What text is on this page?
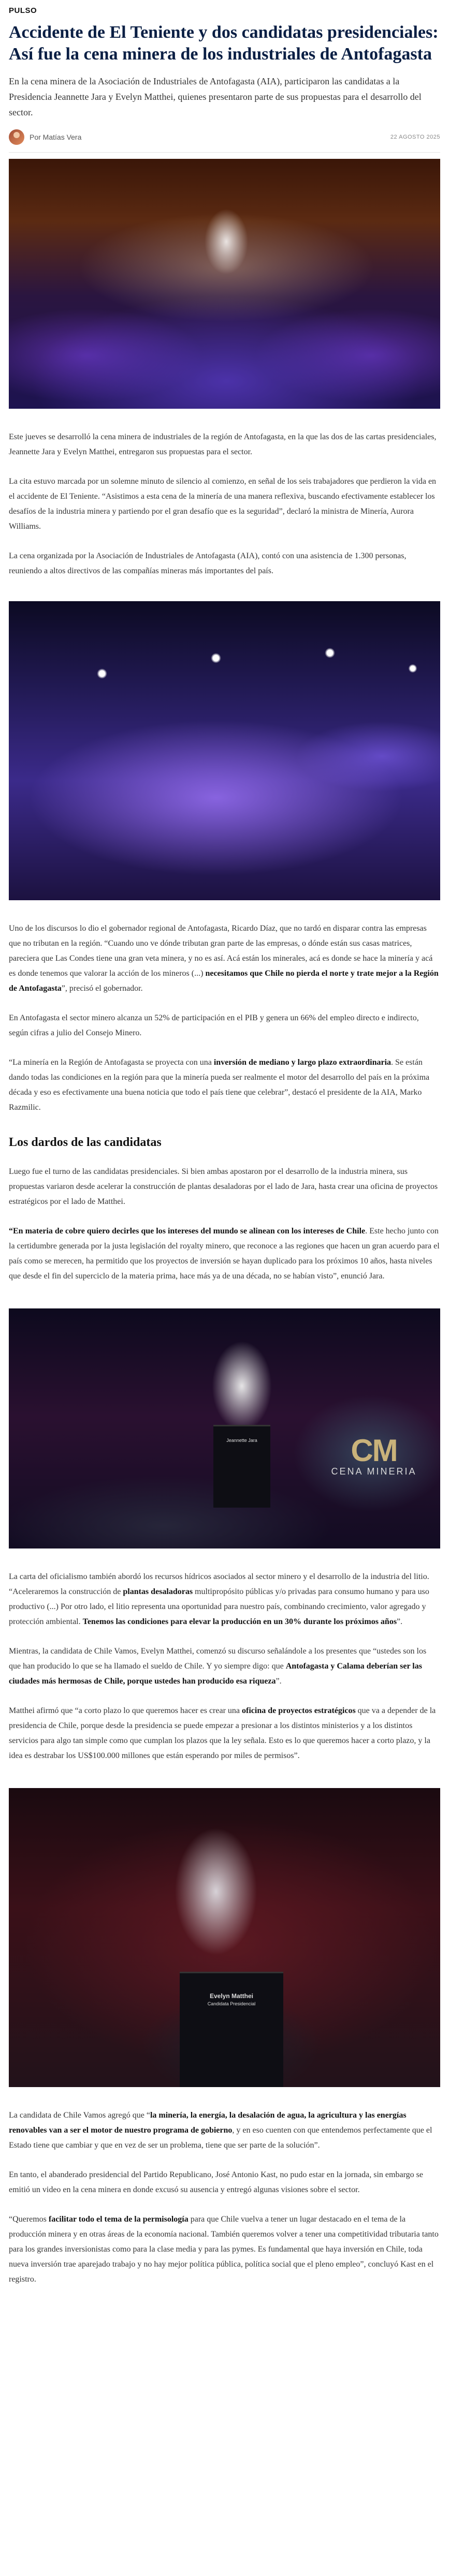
PULSO
Accidente de El Teniente y dos candidatas presidenciales: Así fue la cena minera de los industriales de Antofagasta

En la cena minera de la Asociación de Industriales de Antofagasta (AIA), participaron las candidatas a la Presidencia Jeannette Jara y Evelyn Matthei, quienes presentaron parte de sus propuestas para el desarrollo del sector.

Por Matías Vera	22 AGOSTO 2025

Este jueves se desarrolló la cena minera de industriales de la región de Antofagasta, en la que las dos de las cartas presidenciales, Jeannette Jara y Evelyn Matthei, entregaron sus propuestas para el sector.

La cita estuvo marcada por un solemne minuto de silencio al comienzo, en señal de los seis trabajadores que perdieron la vida en el accidente de El Teniente. “Asistimos a esta cena de la minería de una manera reflexiva, buscando efectivamente establecer los desafíos de la industria minera y partiendo por el gran desafío que es la seguridad”, declaró la ministra de Minería, Aurora Williams.

La cena organizada por la Asociación de Industriales de Antofagasta (AIA), contó con una asistencia de 1.300 personas, reuniendo a altos directivos de las compañías mineras más importantes del país.

Uno de los discursos lo dio el gobernador regional de Antofagasta, Ricardo Díaz, que no tardó en disparar contra las empresas que no tributan en la región. “Cuando uno ve dónde tributan gran parte de las empresas, o dónde están sus casas matrices, pareciera que Las Condes tiene una gran veta minera, y no es así. Acá están los minerales, acá es donde se hace la minería y acá es donde tenemos que valorar la acción de los mineros (...) necesitamos que Chile no pierda el norte y trate mejor a la Región de Antofagasta”, precisó el gobernador.

En Antofagasta el sector minero alcanza un 52% de participación en el PIB y genera un 66% del empleo directo e indirecto, según cifras a julio del Consejo Minero.

“La minería en la Región de Antofagasta se proyecta con una inversión de mediano y largo plazo extraordinaria. Se están dando todas las condiciones en la región para que la minería pueda ser realmente el motor del desarrollo del país en la próxima década y eso es efectivamente una buena noticia que todo el país tiene que celebrar”, destacó el presidente de la AIA, Marko Razmilic.

Los dardos de las candidatas

Luego fue el turno de las candidatas presidenciales. Si bien ambas apostaron por el desarrollo de la industria minera, sus propuestas variaron desde acelerar la construcción de plantas desaladoras por el lado de Jara, hasta crear una oficina de proyectos estratégicos por el lado de Matthei.

“En materia de cobre quiero decirles que los intereses del mundo se alinean con los intereses de Chile. Este hecho junto con la certidumbre generada por la justa legislación del royalty minero, que reconoce a las regiones que hacen un gran acuerdo para el país como se merecen, ha permitido que los proyectos de inversión se hayan duplicado para los próximos 10 años, hasta niveles que desde el fin del superciclo de la materia prima, hace más ya de una década, no se habían visto”, enunció Jara.

Jeannette Jara	CM
CENA MINERIA

La carta del oficialismo también abordó los recursos hídricos asociados al sector minero y el desarrollo de la industria del litio. “Aceleraremos la construcción de plantas desaladoras multipropósito públicas y/o privadas para consumo humano y para uso productivo (...) Por otro lado, el litio representa una oportunidad para nuestro país, combinando crecimiento, valor agregado y protección ambiental. Tenemos las condiciones para elevar la producción en un 30% durante los próximos años”.

Mientras, la candidata de Chile Vamos, Evelyn Matthei, comenzó su discurso señalándole a los presentes que “ustedes son los que han producido lo que se ha llamado el sueldo de Chile. Y yo siempre digo: que Antofagasta y Calama deberían ser las ciudades más hermosas de Chile, porque ustedes han producido esa riqueza”.

Matthei afirmó que “a corto plazo lo que queremos hacer es crear una oficina de proyectos estratégicos que va a depender de la presidencia de Chile, porque desde la presidencia se puede empezar a presionar a los distintos ministerios y a los distintos servicios para algo tan simple como que cumplan los plazos que la ley señala. Esto es lo que queremos hacer a corto plazo, y la idea es destrabar los US$100.000 millones que están esperando por miles de permisos”.

Evelyn Matthei
Candidata Presidencial

La candidata de Chile Vamos agregó que “la minería, la energía, la desalación de agua, la agricultura y las energías renovables van a ser el motor de nuestro programa de gobierno, y en eso cuenten con que entendemos perfectamente que el Estado tiene que cambiar y que en vez de ser un problema, tiene que ser parte de la solución”.

En tanto, el abanderado presidencial del Partido Republicano, José Antonio Kast, no pudo estar en la jornada, sin embargo se emitió un video en la cena minera en donde excusó su ausencia y entregó algunas visiones sobre el sector.

“Queremos facilitar todo el tema de la permisología para que Chile vuelva a tener un lugar destacado en el tema de la producción minera y en otras áreas de la economía nacional. También queremos volver a tener una competitividad tributaria tanto para los grandes inversionistas como para la clase media y para las pymes. Es fundamental que haya inversión en Chile, toda nueva inversión trae aparejado trabajo y no hay mejor política pública, política social que el pleno empleo”, concluyó Kast en el registro.
